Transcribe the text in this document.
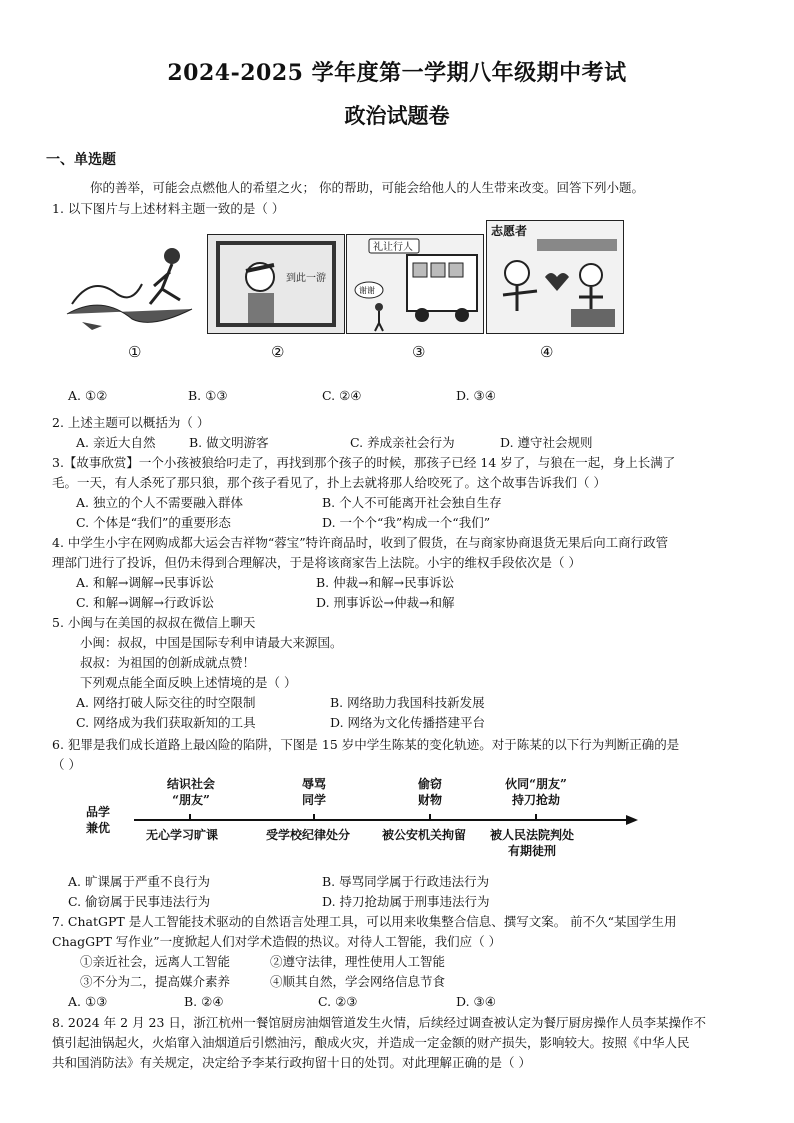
2024-2025 学年度第一学期八年级期中考试
政治试题卷
一、单选题
你的善举，可能会点燃他人的希望之火； 你的帮助，可能会给他人的人生带来改变。回答下列小题。
1. 以下图片与上述材料主题一致的是（ ）
到此一游
礼让行人
谢谢
志愿者
①	②	③	④
A. ①②	B. ①③	C. ②④	D. ③④
2. 上述主题可以概括为（ ）
A. 亲近大自然	B. 做文明游客	C. 养成亲社会行为	D. 遵守社会规则
3.【故事欣赏】一个小孩被狼给叼走了，再找到那个孩子的时候，那孩子已经 14 岁了，与狼在一起，身上长满了
毛。一天，有人杀死了那只狼，那个孩子看见了，扑上去就将那人给咬死了。这个故事告诉我们（ ）
A. 独立的个人不需要融入群体	B. 个人不可能离开社会独自生存
C. 个体是“我们”的重要形态	D. 一个个“我”构成一个“我们”
4. 中学生小宇在网购成都大运会吉祥物“蓉宝”特许商品时，收到了假货，在与商家协商退货无果后向工商行政管
理部门进行了投诉，但仍未得到合理解决，于是将该商家告上法院。小宇的维权手段依次是（ ）
A. 和解→调解→民事诉讼	B. 仲裁→和解→民事诉讼
C. 和解→调解→行政诉讼	D. 刑事诉讼→仲裁→和解
5. 小闽与在美国的叔叔在微信上聊天
小闽：叔叔，中国是国际专利申请最大来源国。
叔叔：为祖国的创新成就点赞！
下列观点能全面反映上述情境的是（ ）
A. 网络打破人际交往的时空限制	B. 网络助力我国科技新发展
C. 网络成为我们获取新知的工具	D. 网络为文化传播搭建平台
6. 犯罪是我们成长道路上最凶险的陷阱，下图是 15 岁中学生陈某的变化轨迹。对于陈某的以下行为判断正确的是
（ ）
品学
兼优
结识社会
“朋友”
辱骂
同学
偷窃
财物
伙同“朋友”
持刀抢劫
无心学习旷课	受学校纪律处分	被公安机关拘留 被人民法院判处
有期徒刑
A. 旷课属于严重不良行为	B. 辱骂同学属于行政违法行为
C. 偷窃属于民事违法行为	D. 持刀抢劫属于刑事违法行为
7. ChatGPT 是人工智能技术驱动的自然语言处理工具，可以用来收集整合信息、撰写文案。 前不久“某国学生用
ChagGPT 写作业”一度掀起人们对学术造假的热议。对待人工智能，我们应（ ）
①亲近社会，远离人工智能	②遵守法律，理性使用人工智能
③不分为二，提高媒介素养	④顺其自然，学会网络信息节食
A. ①③	B. ②④	C. ②③	D. ③④
8. 2024 年 2 月 23 日，浙江杭州一餐馆厨房油烟管道发生火情，后续经过调查被认定为餐厅厨房操作人员李某操作不
慎引起油锅起火，火焰窜入油烟道后引燃油污，酿成火灾，并造成一定金额的财产损失，影响较大。按照《中华人民
共和国消防法》有关规定，决定给予李某行政拘留十日的处罚。对此理解正确的是（ ）
